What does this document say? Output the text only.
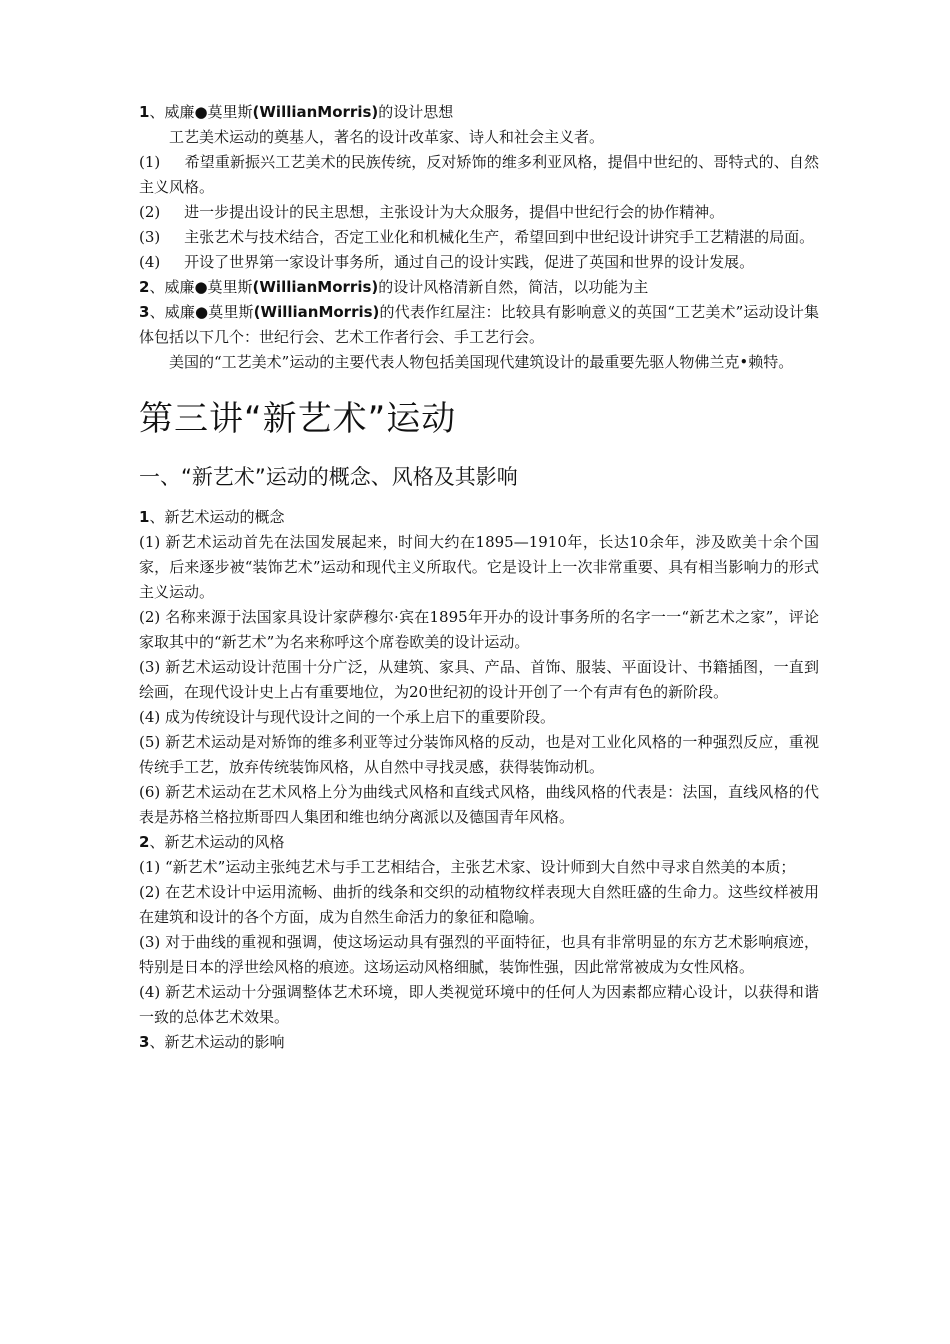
1、威廉●莫里斯(WillianMorris)的设计思想

工艺美术运动的奠基人，著名的设计改革家、诗人和社会主义者。

(1) 希望重新振兴工艺美术的民族传统，反对矫饰的维多利亚风格，提倡中世纪的、哥特式的、自然主义风格。

(2) 进一步提出设计的民主思想，主张设计为大众服务，提倡中世纪行会的协作精神。

(3) 主张艺术与技术结合，否定工业化和机械化生产，希望回到中世纪设计讲究手工艺精湛的局面。

(4) 开设了世界第一家设计事务所，通过自己的设计实践，促进了英国和世界的设计发展。

2、威廉●莫里斯(WillianMorris)的设计风格清新自然，简洁，以功能为主

3、威廉●莫里斯(WillianMorris)的代表作红屋注：比较具有影响意义的英国“工艺美术”运动设计集体包括以下几个：世纪行会、艺术工作者行会、手工艺行会。

美国的“工艺美术”运动的主要代表人物包括美国现代建筑设计的最重要先驱人物佛兰克•赖特。

第三讲“新艺术”运动
一、“新艺术”运动的概念、风格及其影响

1、新艺术运动的概念

(1) 新艺术运动首先在法国发展起来，时间大约在1895—1910年，长达10余年，涉及欧美十余个国家，后来逐步被“装饰艺术”运动和现代主义所取代。它是设计上一次非常重要、具有相当影响力的形式主义运动。

(2) 名称来源于法国家具设计家萨穆尔·宾在1895年开办的设计事务所的名字一一“新艺术之家”，评论家取其中的“新艺术”为名来称呼这个席卷欧美的设计运动。

(3) 新艺术运动设计范围十分广泛，从建筑、家具、产品、首饰、服装、平面设计、书籍插图，一直到绘画，在现代设计史上占有重要地位，为20世纪初的设计开创了一个有声有色的新阶段。

(4) 成为传统设计与现代设计之间的一个承上启下的重要阶段。

(5) 新艺术运动是对矫饰的维多利亚等过分装饰风格的反动，也是对工业化风格的一种强烈反应，重视传统手工艺，放弃传统装饰风格，从自然中寻找灵感，获得装饰动机。

(6) 新艺术运动在艺术风格上分为曲线式风格和直线式风格，曲线风格的代表是：法国，直线风格的代表是苏格兰格拉斯哥四人集团和维也纳分离派以及德国青年风格。

2、新艺术运动的风格

(1) “新艺术”运动主张纯艺术与手工艺相结合，主张艺术家、设计师到大自然中寻求自然美的本质；

(2) 在艺术设计中运用流畅、曲折的线条和交织的动植物纹样表现大自然旺盛的生命力。这些纹样被用在建筑和设计的各个方面，成为自然生命活力的象征和隐喻。

(3) 对于曲线的重视和强调，使这场运动具有强烈的平面特征，也具有非常明显的东方艺术影响痕迹，特别是日本的浮世绘风格的痕迹。这场运动风格细腻，装饰性强，因此常常被成为女性风格。

(4) 新艺术运动十分强调整体艺术环境，即人类视觉环境中的任何人为因素都应精心设计，以获得和谐一致的总体艺术效果。

3、新艺术运动的影响
